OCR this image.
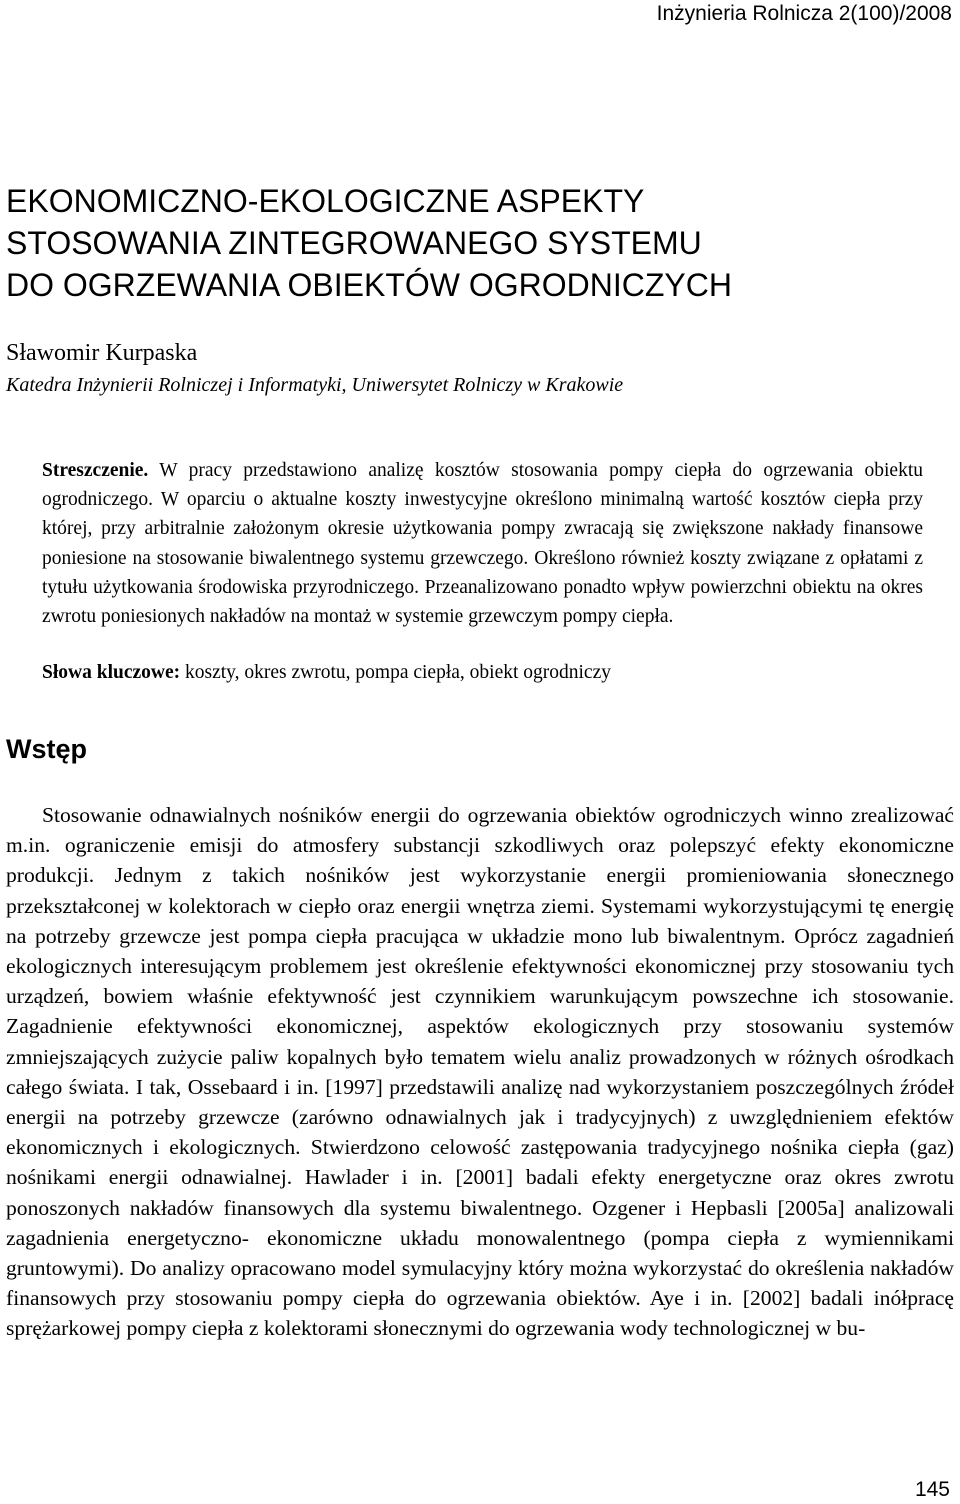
Inżynieria Rolnicza 2(100)/2008
EKONOMICZNO-EKOLOGICZNE ASPEKTY
STOSOWANIA ZINTEGROWANEGO SYSTEMU
DO OGRZEWANIA OBIEKTÓW OGRODNICZYCH
Sławomir Kurpaska
Katedra Inżynierii Rolniczej i Informatyki, Uniwersytet Rolniczy w Krakowie
Streszczenie. W pracy przedstawiono analizę kosztów stosowania pompy ciepła do ogrzewania obiektu ogrodniczego. W oparciu o aktualne koszty inwestycyjne określono minimalną wartość kosztów ciepła przy której, przy arbitralnie założonym okresie użytkowania pompy zwracają się zwiększone nakłady finansowe poniesione na stosowanie biwalentnego systemu grzewczego. Określono również koszty związane z opłatami z tytułu użytkowania środowiska przyrodniczego. Przeanalizowano ponadto wpływ powierzchni obiektu na okres zwrotu poniesionych nakładów na montaż w systemie grzewczym pompy ciepła.
Słowa kluczowe: koszty, okres zwrotu, pompa ciepła, obiekt ogrodniczy
Wstęp
Stosowanie odnawialnych nośników energii do ogrzewania obiektów ogrodniczych winno zrealizować m.in. ograniczenie emisji do atmosfery substancji szkodliwych oraz polepszyć efekty ekonomiczne produkcji. Jednym z takich nośników jest wykorzystanie energii promieniowania słonecznego przekształconej w kolektorach w ciepło oraz energii wnętrza ziemi. Systemami wykorzystującymi tę energię na potrzeby grzewcze jest pompa ciepła pracująca w układzie mono lub biwalentnym. Oprócz zagadnień ekologicznych interesującym problemem jest określenie efektywności ekonomicznej przy stosowaniu tych urządzeń, bowiem właśnie efektywność jest czynnikiem warunkującym powszechne ich stosowanie. Zagadnienie efektywności ekonomicznej, aspektów ekologicznych przy stosowaniu systemów zmniejszających zużycie paliw kopalnych było tematem wielu analiz prowadzonych w różnych ośrodkach całego świata. I tak, Ossebaard i in. [1997] przedstawili analizę nad wykorzystaniem poszczególnych źródeł energii na potrzeby grzewcze (zarówno odnawialnych jak i tradycyjnych) z uwzględnieniem efektów ekonomicznych i ekologicznych. Stwierdzono celowość zastępowania tradycyjnego nośnika ciepła (gaz) nośnikami energii odnawialnej. Hawlader i in. [2001] badali efekty energetyczne oraz okres zwrotu ponoszonych nakładów finansowych dla systemu biwalentnego. Ozgener i Hepbasli [2005a] analizowali zagadnienia energetyczno- ekonomiczne układu monowalentnego (pompa ciepła z wymiennikami gruntowymi). Do analizy opracowano model symulacyjny który można wykorzystać do określenia nakładów finansowych przy stosowaniu pompy ciepła do ogrzewania obiektów. Aye i in. [2002] badali inółpracę sprężarkowej pompy ciepła z kolektorami słonecznymi do ogrzewania wody technologicznej w bu-
145
